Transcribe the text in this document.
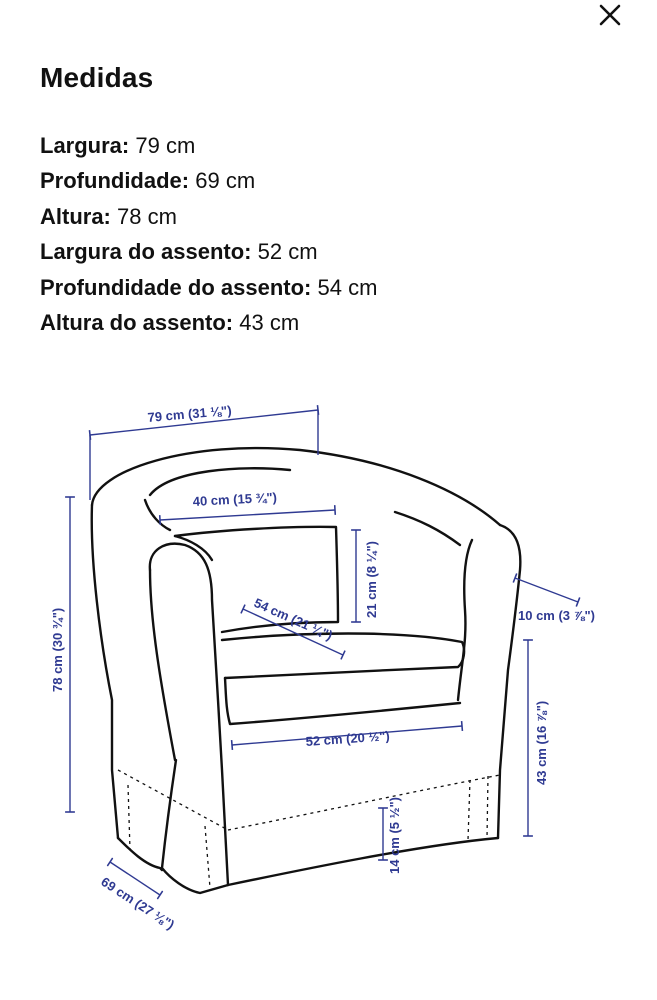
Medidas
Largura: 79 cm
Profundidade: 69 cm
Altura: 78 cm
Largura do assento: 52 cm
Profundidade do assento: 54 cm
Altura do assento: 43 cm
79 cm (31 ⅛")
40 cm (15 ¾")
21 cm (8 ¼")
54 cm (21 ¼")	10 cm (3 ⅞")
78 cm (30 ¾")
43 cm (16 ⅞")
52 cm (20 ½")
14 cm (5 ½")
69 cm (27 ⅛")
